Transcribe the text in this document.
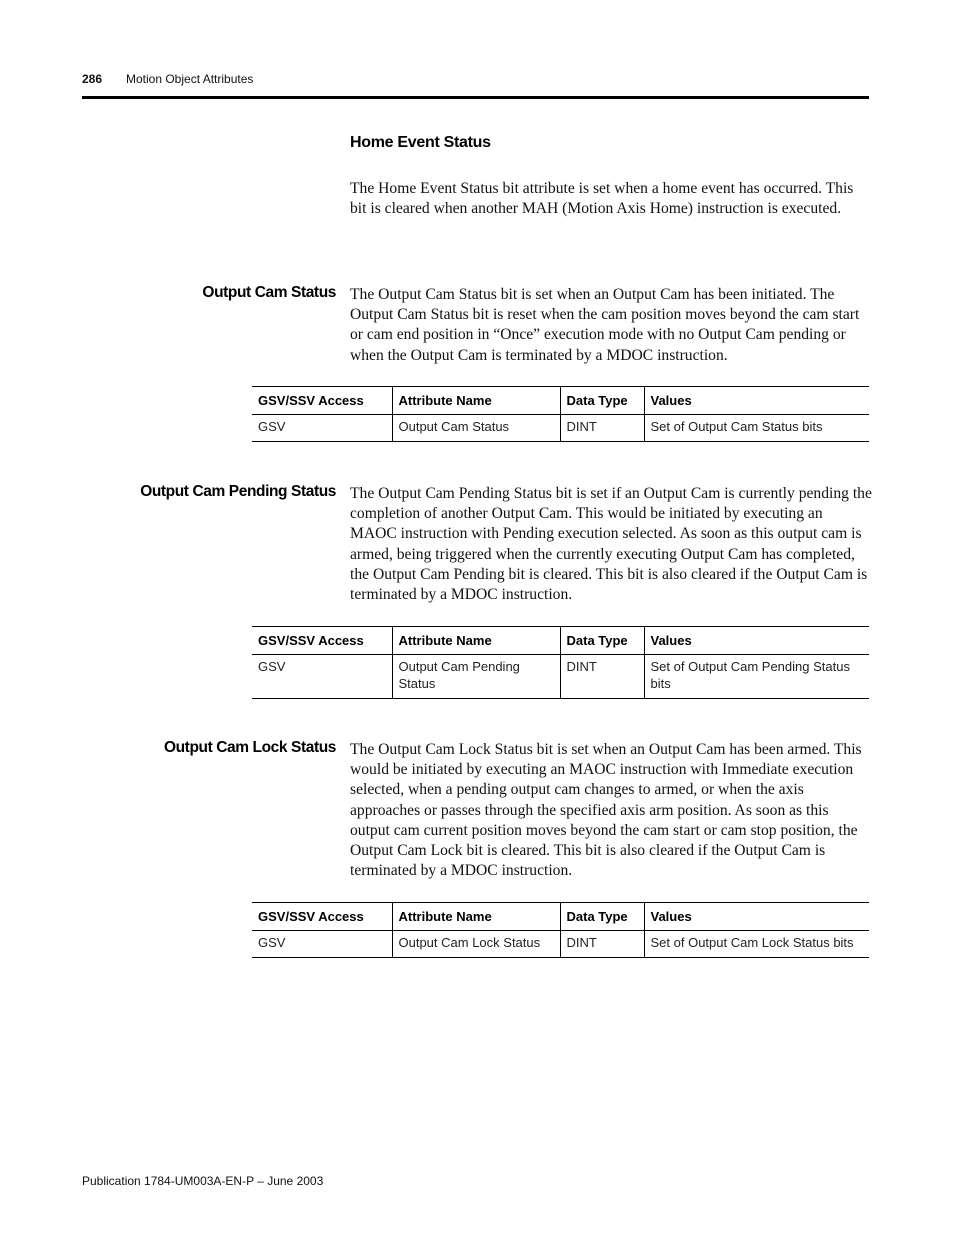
286 Motion Object Attributes
Home Event Status

The Home Event Status bit attribute is set when a home event has occurred. This bit is cleared when another MAH (Motion Axis Home) instruction is executed.

Output Cam Status The Output Cam Status bit is set when an Output Cam has been initiated. The Output Cam Status bit is reset when the cam position moves beyond the cam start or cam end position in “Once” execution mode with no Output Cam pending or when the Output Cam is terminated by a MDOC instruction.

GSV/SSV Access	Attribute Name	Data Type	Values
GSV	Output Cam Status	DINT	Set of Output Cam Status bits
Output Cam Pending Status The Output Cam Pending Status bit is set if an Output Cam is currently pending the completion of another Output Cam. This would be initiated by executing an MAOC instruction with Pending execution selected. As soon as this output cam is armed, being triggered when the currently executing Output Cam has completed, the Output Cam Pending bit is cleared. This bit is also cleared if the Output Cam is terminated by a MDOC instruction.

GSV/SSV Access	Attribute Name	Data Type	Values
GSV	Output Cam Pending Status	DINT	Set of Output Cam Pending Status bits
Output Cam Lock Status The Output Cam Lock Status bit is set when an Output Cam has been armed. This would be initiated by executing an MAOC instruction with Immediate execution selected, when a pending output cam changes to armed, or when the axis approaches or passes through the specified axis arm position. As soon as this output cam current position moves beyond the cam start or cam stop position, the Output Cam Lock bit is cleared. This bit is also cleared if the Output Cam is terminated by a MDOC instruction.

GSV/SSV Access	Attribute Name	Data Type	Values
GSV	Output Cam Lock Status	DINT	Set of Output Cam Lock Status bits
Publication 1784-UM003A-EN-P – June 2003
